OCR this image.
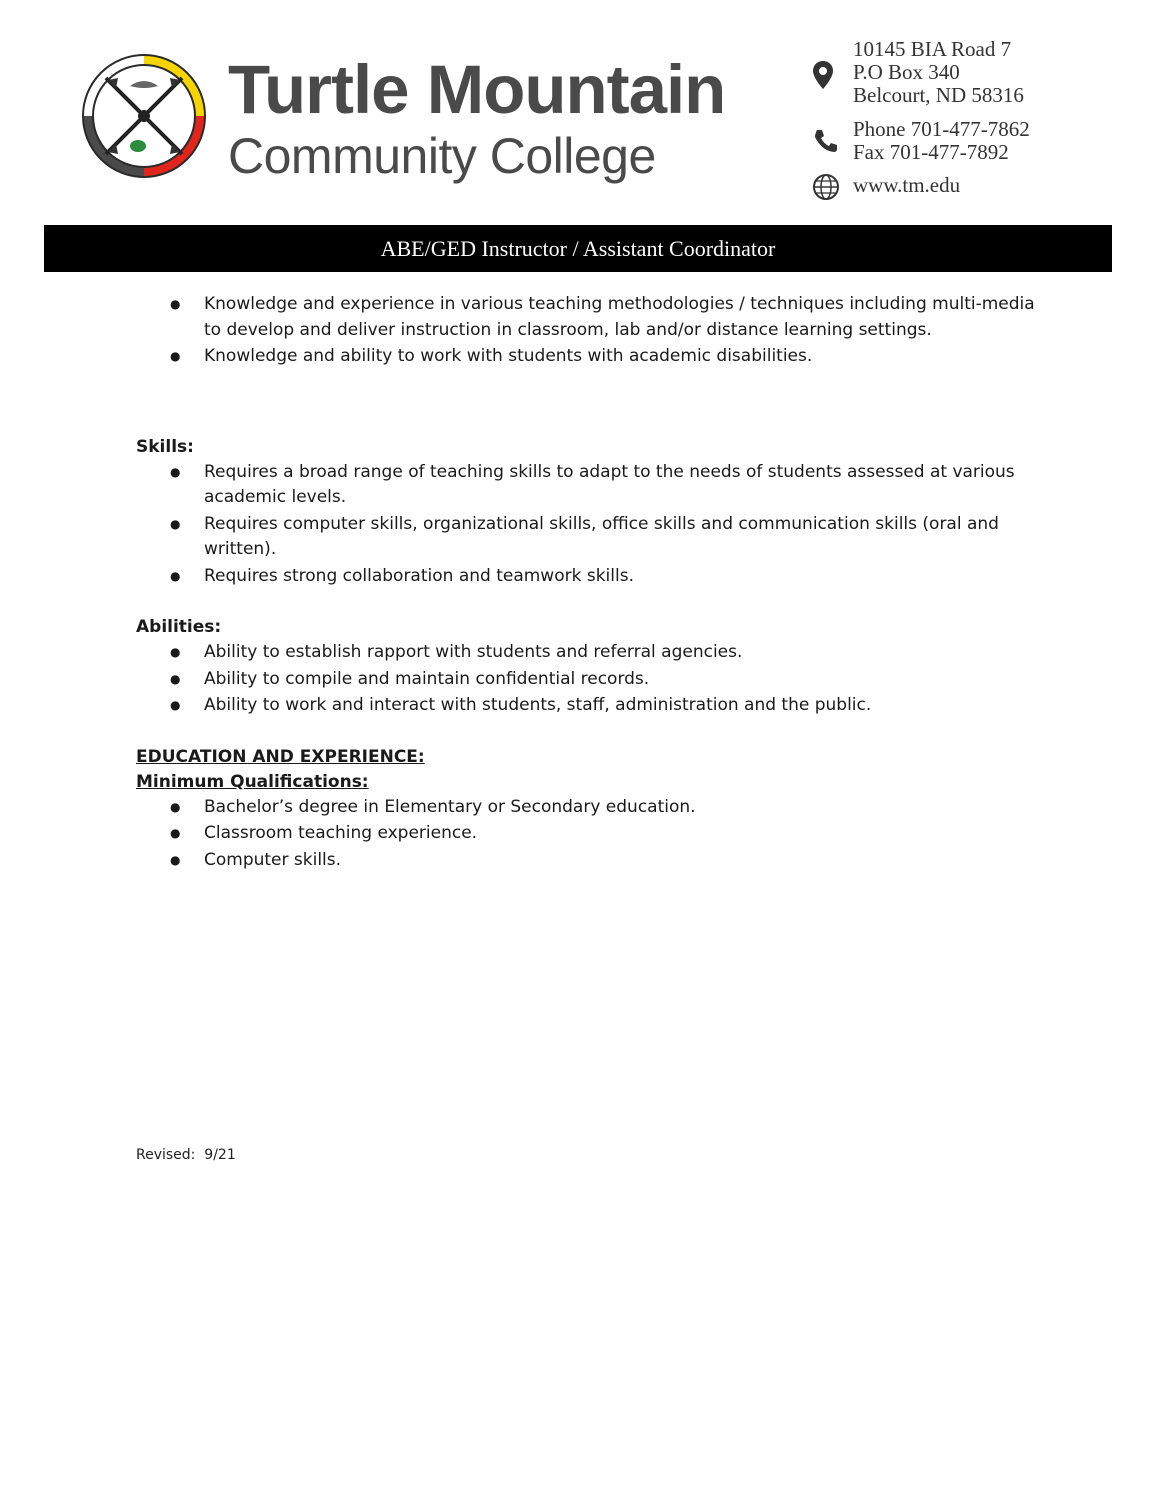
Turtle Mountain
Community College
10145 BIA Road 7
P.O Box 340
Belcourt, ND 58316
Phone 701-477-7862
Fax 701-477-7892
www.tm.edu
ABE/GED Instructor / Assistant Coordinator
● Knowledge and experience in various teaching methodologies / techniques including multi-media to develop and deliver instruction in classroom, lab and/or distance learning settings.
● Knowledge and ability to work with students with academic disabilities.

Skills:

● Requires a broad range of teaching skills to adapt to the needs of students assessed at various academic levels.
● Requires computer skills, organizational skills, office skills and communication skills (oral and written).
● Requires strong collaboration and teamwork skills.

Abilities:

● Ability to establish rapport with students and referral agencies.
● Ability to compile and maintain confidential records.
● Ability to work and interact with students, staff, administration and the public.

EDUCATION AND EXPERIENCE:

Minimum Qualifications:

● Bachelor’s degree in Elementary or Secondary education.
● Classroom teaching experience.
● Computer skills.
Revised:  9/21
